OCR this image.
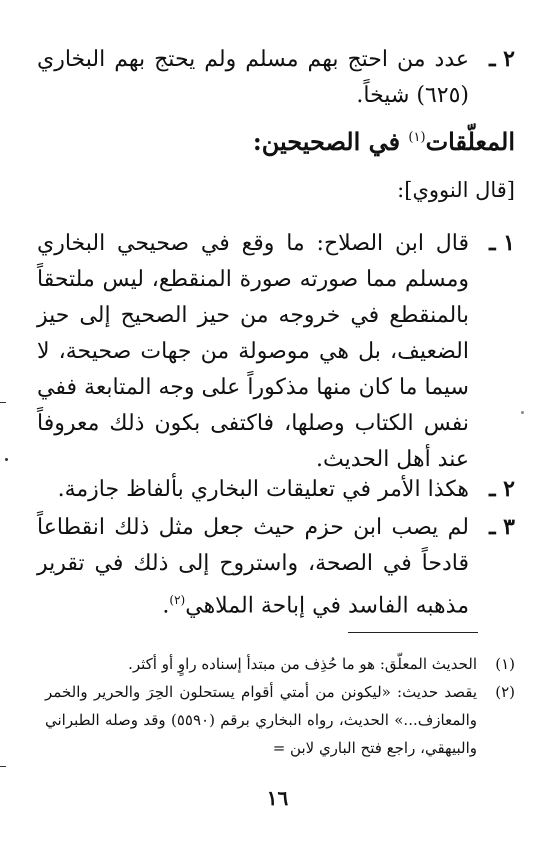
٢ ـ
عدد من احتج بهم مسلم ولم يحتج بهم البخاري (٦٢٥) شيخاً.
المعلّقات$^{(١)}$ في الصحيحين:
[قال النووي]:
١ ـ
قال ابن الصلاح: ما وقع في صحيحي البخاري ومسلم مما صورته صورة المنقطع، ليس ملتحقاً بالمنقطع في خروجه من حيز الصحيح إلى حيز الضعيف، بل هي موصولة من جهات صحيحة، لا سيما ما كان منها مذكوراً على وجه المتابعة ففي نفس الكتاب وصلها، فاكتفى بكون ذلك معروفاً عند أهل الحديث.
٢ ـ
هكذا الأمر في تعليقات البخاري بألفاظ جازمة.
٣ ـ
لم يصب ابن حزم حيث جعل مثل ذلك انقطاعاً قادحاً في الصحة، واستروح إلى ذلك في تقرير مذهبه الفاسد في إباحة الملاهي$^{(٢)}$.
(١)
الحديث المعلّق: هو ما حُذِف من مبتدأ إسناده راوٍ أو أكثر.
(٢)
يقصد حديث: «ليكونن من أمتي أقوام يستحلون الحِرَ والحرير والخمر والمعازف...» الحديث، رواه البخاري برقم (٥٥٩٠) وقد وصله الطبراني والبيهقي، راجع فتح الباري لابن =
١٦
